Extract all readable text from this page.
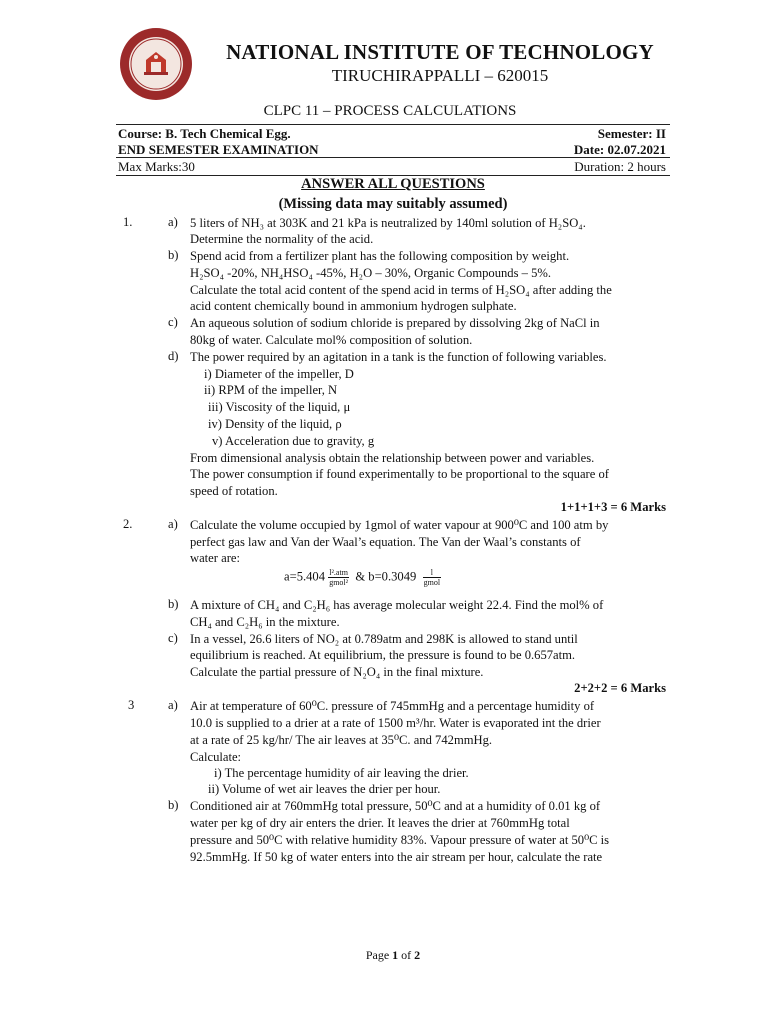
NATIONAL INSTITUTE OF TECHNOLOGY
TIRUCHIRAPPALLI – 620015
CLPC 11 – PROCESS CALCULATIONS
Course: B. Tech Chemical Egg.	Semester: II
END SEMESTER EXAMINATION	Date: 02.07.2021
Max Marks:30	Duration: 2 hours
ANSWER ALL QUESTIONS
(Missing data may suitably assumed)
1.	a) 5 liters of NH₃ at 303K and 21 kPa is neutralized by 140ml solution of H₂SO₄.
Determine the normality of the acid.
b) Spend acid from a fertilizer plant has the following composition by weight.
H₂SO₄ -20%, NH₄HSO₄ -45%, H₂O – 30%, Organic Compounds – 5%.
Calculate the total acid content of the spend acid in terms of H₂SO₄ after adding the
acid content chemically bound in ammonium hydrogen sulphate.
c) An aqueous solution of sodium chloride is prepared by dissolving 2kg of NaCl in
80kg of water. Calculate mol% composition of solution.
d) The power required by an agitation in a tank is the function of following variables.
i) Diameter of the impeller, D
ii) RPM of the impeller, N
iii) Viscosity of the liquid, μ
iv) Density of the liquid, ρ
v) Acceleration due to gravity, g
From dimensional analysis obtain the relationship between power and variables.
The power consumption if found experimentally to be proportional to the square of
speed of rotation.
1+1+1+3 = 6 Marks
2.	a) Calculate the volume occupied by 1gmol of water vapour at 900⁰C and 100 atm by
perfect gas law and Van der Waal’s equation. The Van der Waal’s constants of
water are:
$a=5.404 \frac{\text{l².atm}}{\text{gmol²}}$ & $b=0.3049 \frac{l}{\text{gmol}}$
b) A mixture of CH₄ and C₂H₆ has average molecular weight 22.4. Find the mol% of
CH₄ and C₂H₆ in the mixture.
c) In a vessel, 26.6 liters of NO₂ at 0.789atm and 298K is allowed to stand until
equilibrium is reached. At equilibrium, the pressure is found to be 0.657atm.
Calculate the partial pressure of N₂O₄ in the final mixture.
2+2+2 = 6 Marks
3	a) Air at temperature of 60⁰C. pressure of 745mmHg and a percentage humidity of
10.0 is supplied to a drier at a rate of 1500 m³/hr. Water is evaporated int the drier
at a rate of 25 kg/hr/ The air leaves at 35⁰C. and 742mmHg.
Calculate:
i) The percentage humidity of air leaving the drier.
ii) Volume of wet air leaves the drier per hour.
b) Conditioned air at 760mmHg total pressure, 50⁰C and at a humidity of 0.01 kg of
water per kg of dry air enters the drier. It leaves the drier at 760mmHg total
pressure and 50⁰C with relative humidity 83%. Vapour pressure of water at 50⁰C is
92.5mmHg. If 50 kg of water enters into the air stream per hour, calculate the rate
Page 1 of 2
